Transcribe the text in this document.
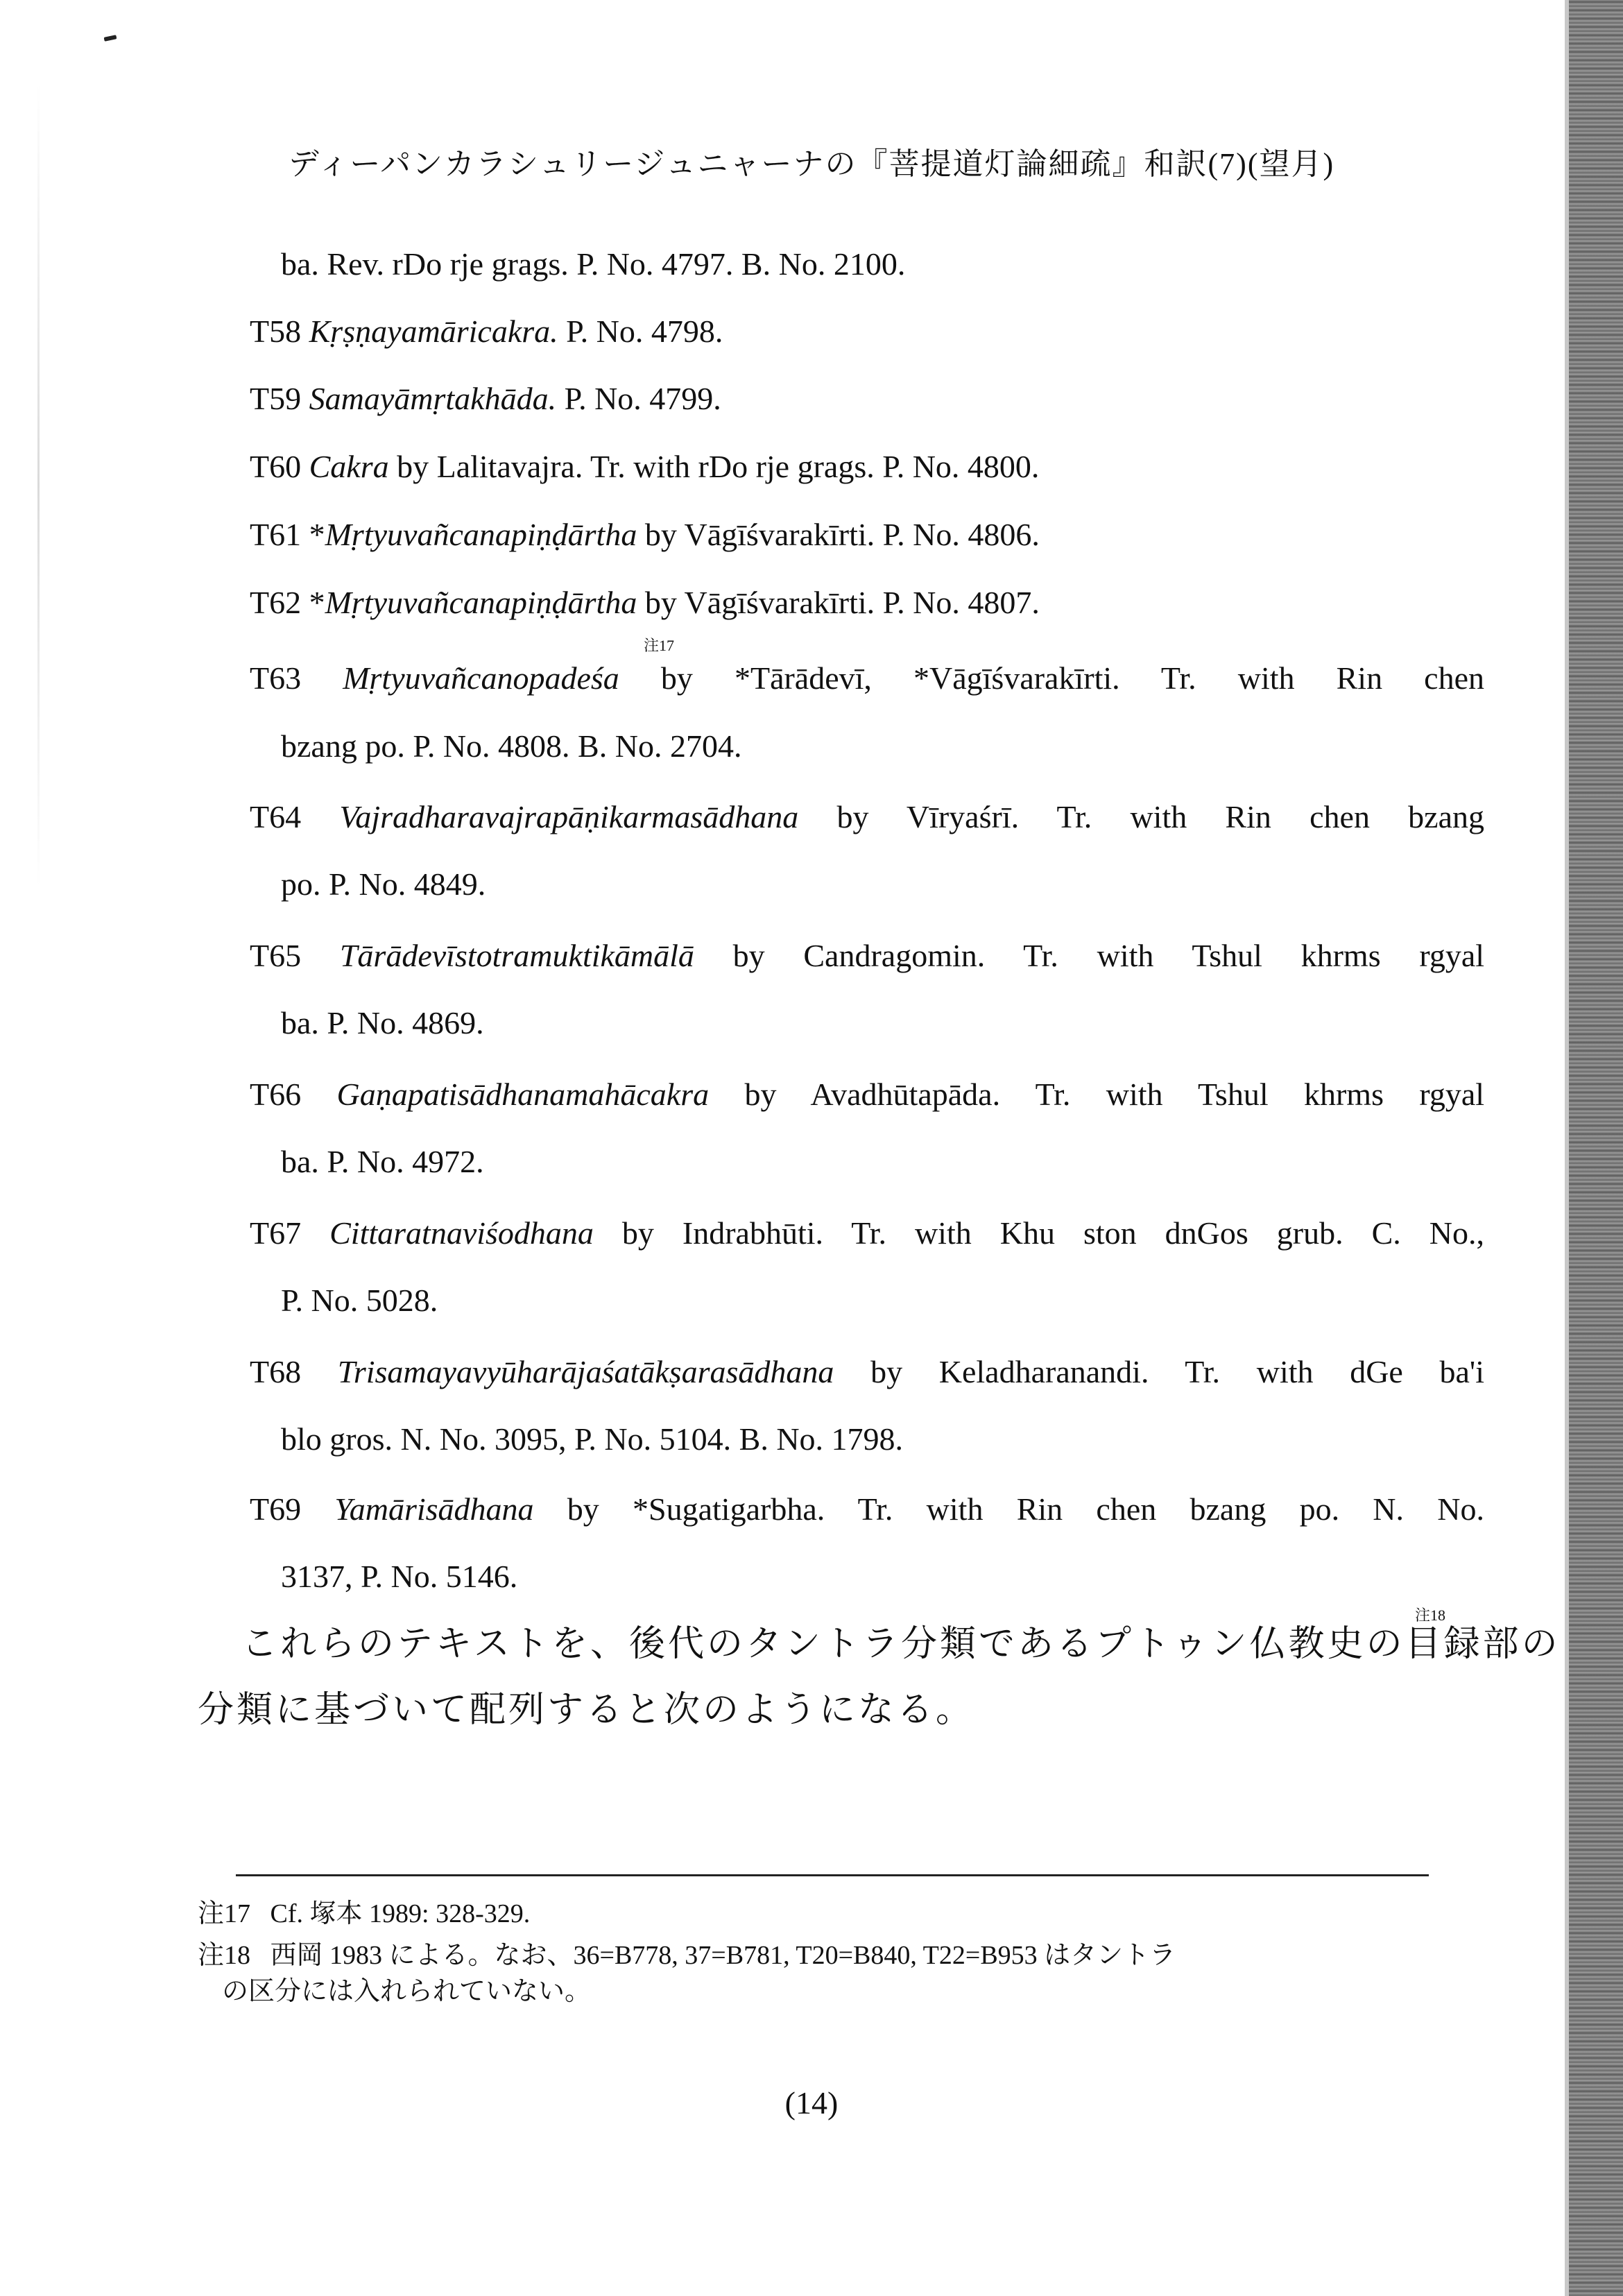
ディーパンカラシュリージュニャーナの『菩提道灯論細疏』和訳(7)(望月)
ba. Rev. rDo rje grags. P. No. 4797. B. No. 2100.
T58 Kṛṣṇayamāricakra. P. No. 4798.
T59 Samayāmṛtakhāda. P. No. 4799.
T60 Cakra by Lalitavajra. Tr. with rDo rje grags. P. No. 4800.
T61 *Mṛtyuvañcanapiṇḍārtha by Vāgīśvarakīrti. P. No. 4806.
T62 *Mṛtyuvañcanapiṇḍārtha by Vāgīśvarakīrti. P. No. 4807.
注17
T63 Mṛtyuvañcanopadeśa by *Tārādevī, *Vāgīśvarakīrti. Tr. with Rin chen
bzang po. P. No. 4808. B. No. 2704.
T64 Vajradharavajrapāṇikarmasādhana by Vīryaśrī. Tr. with Rin chen bzang
po. P. No. 4849.
T65 Tārādevīstotramuktikāmālā by Candragomin. Tr. with Tshul khrms rgyal
ba. P. No. 4869.
T66 Gaṇapatisādhanamahācakra by Avadhūtapāda. Tr. with Tshul khrms rgyal
ba. P. No. 4972.
T67 Cittaratnaviśodhana by Indrabhūti. Tr. with Khu ston dnGos grub. C. No.,
P. No. 5028.
T68 Trisamayavyūharājaśatākṣarasādhana by Keladharanandi. Tr. with dGe ba'i
blo gros. N. No. 3095, P. No. 5104. B. No. 1798.
T69 Yamārisādhana by *Sugatigarbha. Tr. with Rin chen bzang po. N. No.
3137, P. No. 5146.
注18
これらのテキストを、後代のタントラ分類であるプトゥン仏教史の目録部の
分類に基づいて配列すると次のようになる。
注17 Cf. 塚本 1989: 328-329.
注18 西岡 1983 による。なお、36=B778, 37=B781, T20=B840, T22=B953 はタントラ
の区分には入れられていない。
(14)
